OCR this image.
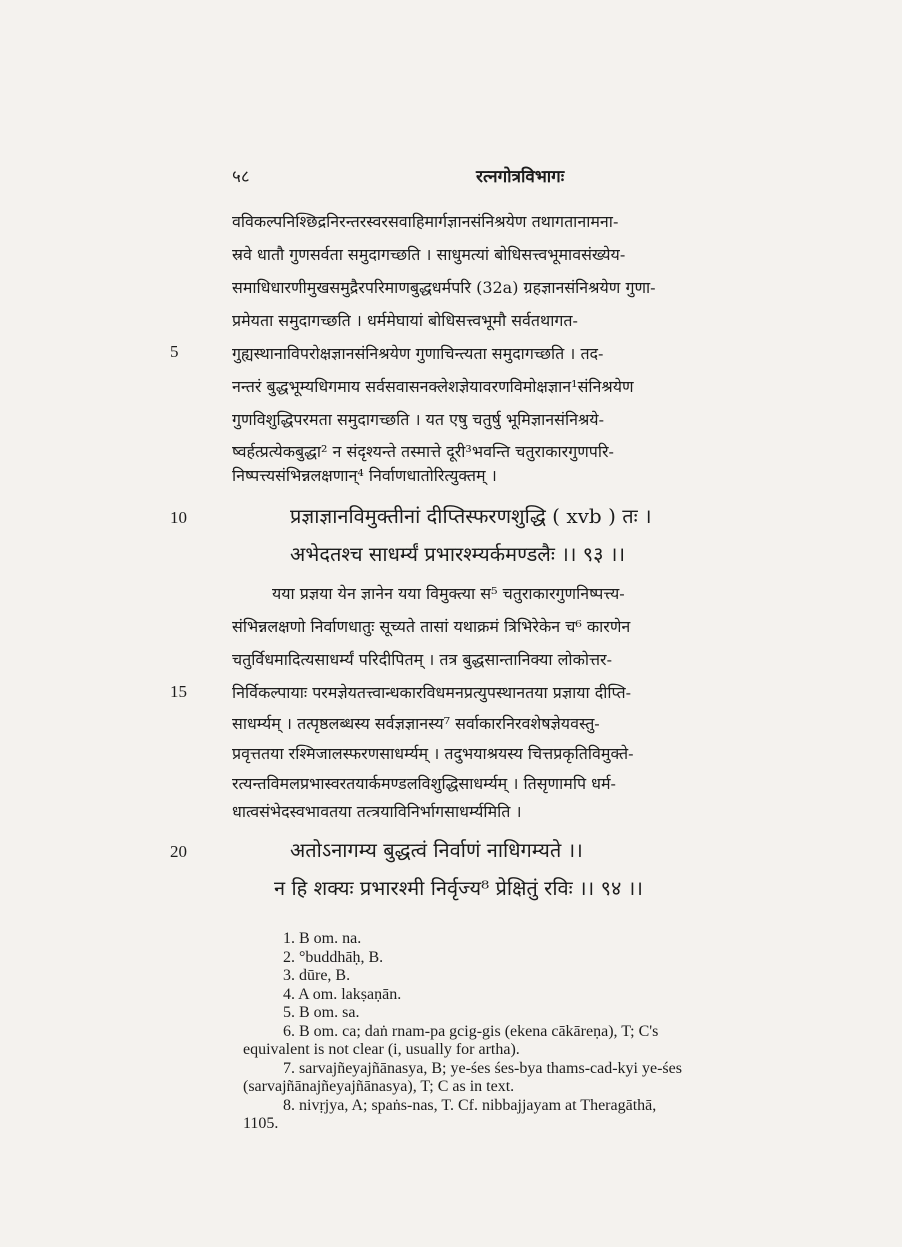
५८	रत्नगोत्रविभागः
5
10
15
20
वविकल्पनिश्छिद्रनिरन्तरस्वरसवाहिमार्गज्ञानसंनिश्रयेण तथागतानामना-
स्रवे धातौ गुणसर्वता समुदागच्छति । साधुमत्यां बोधिसत्त्वभूमावसंख्येय-
समाधिधारणीमुखसमुद्रैरपरिमाणबुद्धधर्मपरि (32a) ग्रहज्ञानसंनिश्रयेण गुणा-
प्रमेयता समुदागच्छति । धर्ममेघायां बोधिसत्त्वभूमौ सर्वतथागत-
गुह्यस्थानाविपरोक्षज्ञानसंनिश्रयेण गुणाचिन्त्यता समुदागच्छति । तद-
नन्तरं बुद्धभूम्यधिगमाय सर्वसवासनक्लेशज्ञेयावरणविमोक्षज्ञान¹संनिश्रयेण
गुणविशुद्धिपरमता समुदागच्छति । यत एषु चतुर्षु भूमिज्ञानसंनिश्रये-
ष्वर्हत्प्रत्येकबुद्धा² न संदृश्यन्ते तस्मात्ते दूरी³भवन्ति चतुराकारगुणपरि-
निष्पत्त्यसंभिन्नलक्षणान्⁴ निर्वाणधातोरित्युक्तम् ।
प्रज्ञाज्ञानविमुक्तीनां दीप्तिस्फरणशुद्धि ( xvb ) तः ।
अभेदतश्च साधर्म्यं प्रभारश्म्यर्कमण्डलैः ।। ९३ ।।
यया प्रज्ञया येन ज्ञानेन यया विमुक्त्या स⁵ चतुराकारगुणनिष्पत्त्य-
संभिन्नलक्षणो निर्वाणधातुः सूच्यते तासां यथाक्रमं त्रिभिरेकेन च⁶ कारणेन
चतुर्विधमादित्यसाधर्म्यं परिदीपितम् । तत्र बुद्धसान्तानिक्या लोकोत्तर-
निर्विकल्पायाः परमज्ञेयतत्त्वान्धकारविधमनप्रत्युपस्थानतया प्रज्ञाया दीप्ति-
साधर्म्यम् । तत्पृष्ठलब्धस्य सर्वज्ञज्ञानस्य⁷ सर्वाकारनिरवशेषज्ञेयवस्तु-
प्रवृत्ततया रश्मिजालस्फरणसाधर्म्यम् । तदुभयाश्रयस्य चित्तप्रकृतिविमुक्ते-
रत्यन्तविमलप्रभास्वरतयार्कमण्डलविशुद्धिसाधर्म्यम् । तिसृणामपि धर्म-
धात्वसंभेदस्वभावतया तत्त्रयाविनिर्भागसाधर्म्यमिति ।
अतोऽनागम्य बुद्धत्वं निर्वाणं नाधिगम्यते ।।
न हि शक्यः प्रभारश्मी निर्वृज्य⁸ प्रेक्षितुं रविः ।। ९४ ।।
1. B om. na.
2. °buddhāḥ, B.
3. dūre, B.
4. A om. lakṣaṇān.
5. B om. sa.
6. B om. ca; daṅ rnam-pa gcig-gis (ekena cākāreṇa), T; C's
equivalent is not clear (i, usually for artha).
7. sarvajñeyajñānasya, B; ye-śes śes-bya thams-cad-kyi ye-śes
(sarvajñānajñeyajñānasya), T; C as in text.
8. nivṛjya, A; spaṅs-nas, T. Cf. nibbajjayam at Theragāthā,
1105.
